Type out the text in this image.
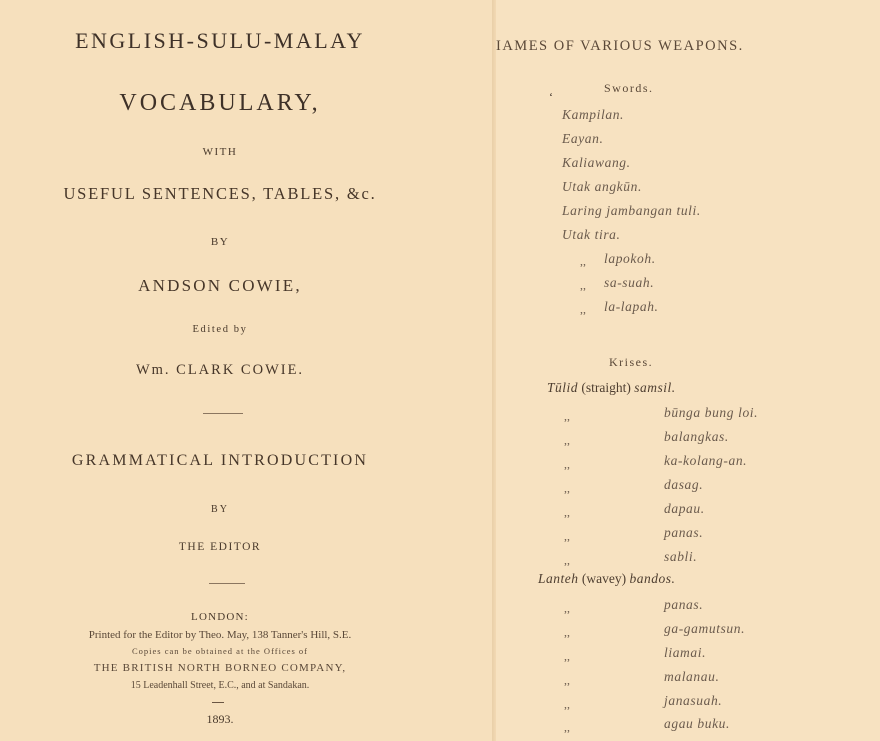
ENGLISH-SULU-MALAY
VOCABULARY,
WITH
USEFUL SENTENCES, TABLES, &c.
BY
ANDSON COWIE,
Edited by
Wm. CLARK COWIE.
GRAMMATICAL INTRODUCTION
BY
THE EDITOR
LONDON:
Printed for the Editor by Theo. May, 138 Tanner's Hill, S.E.
Copies can be obtained at the Offices of
THE BRITISH NORTH BORNEO COMPANY,
15 Leadenhall Street, E.C., and at Sandakan.
1893.
IAMES OF VARIOUS WEAPONS.
Swords.
‘
Kampilan.
Eayan.
Kaliawang.
Utak angkūn.
Laring jambangan tuli.
Utak tira.
,, lapokoh.
,, sa-suah.
,, la-lapah.
Krises.
Tūlid (straight) samsil.
,,	būnga bung loi.
,,	balangkas.
,,	ka-kolang-an.
,,	dasag.
,,	dapau.
,,	panas.
,,	sabli.
Lanteh (wavey) bandos.
,,	panas.
,,	ga-gamutsun.
,,	liamai.
,,	malanau.
,,	janasuah.
,,	agau buku.
